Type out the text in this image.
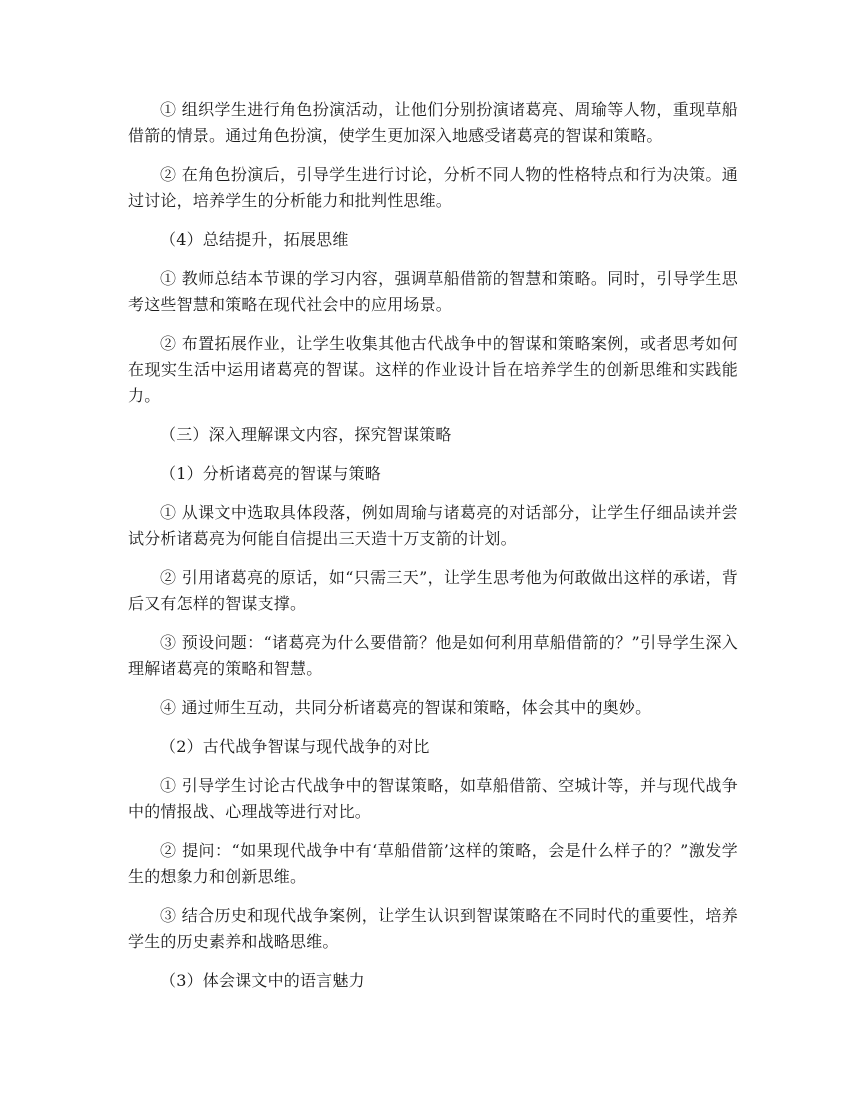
① 组织学生进行角色扮演活动，让他们分别扮演诸葛亮、周瑜等人物，重现草船借箭的情景。通过角色扮演，使学生更加深入地感受诸葛亮的智谋和策略。

② 在角色扮演后，引导学生进行讨论，分析不同人物的性格特点和行为决策。通过讨论，培养学生的分析能力和批判性思维。

（4）总结提升，拓展思维

① 教师总结本节课的学习内容，强调草船借箭的智慧和策略。同时，引导学生思考这些智慧和策略在现代社会中的应用场景。

② 布置拓展作业，让学生收集其他古代战争中的智谋和策略案例，或者思考如何在现实生活中运用诸葛亮的智谋。这样的作业设计旨在培养学生的创新思维和实践能力。

（三）深入理解课文内容，探究智谋策略

（1）分析诸葛亮的智谋与策略

① 从课文中选取具体段落，例如周瑜与诸葛亮的对话部分，让学生仔细品读并尝试分析诸葛亮为何能自信提出三天造十万支箭的计划。

② 引用诸葛亮的原话，如“只需三天”，让学生思考他为何敢做出这样的承诺，背后又有怎样的智谋支撑。

③ 预设问题：“诸葛亮为什么要借箭？他是如何利用草船借箭的？”引导学生深入理解诸葛亮的策略和智慧。

④ 通过师生互动，共同分析诸葛亮的智谋和策略，体会其中的奥妙。

（2）古代战争智谋与现代战争的对比

① 引导学生讨论古代战争中的智谋策略，如草船借箭、空城计等，并与现代战争中的情报战、心理战等进行对比。

② 提问：“如果现代战争中有‘草船借箭’这样的策略，会是什么样子的？”激发学生的想象力和创新思维。

③ 结合历史和现代战争案例，让学生认识到智谋策略在不同时代的重要性，培养学生的历史素养和战略思维。

（3）体会课文中的语言魅力
